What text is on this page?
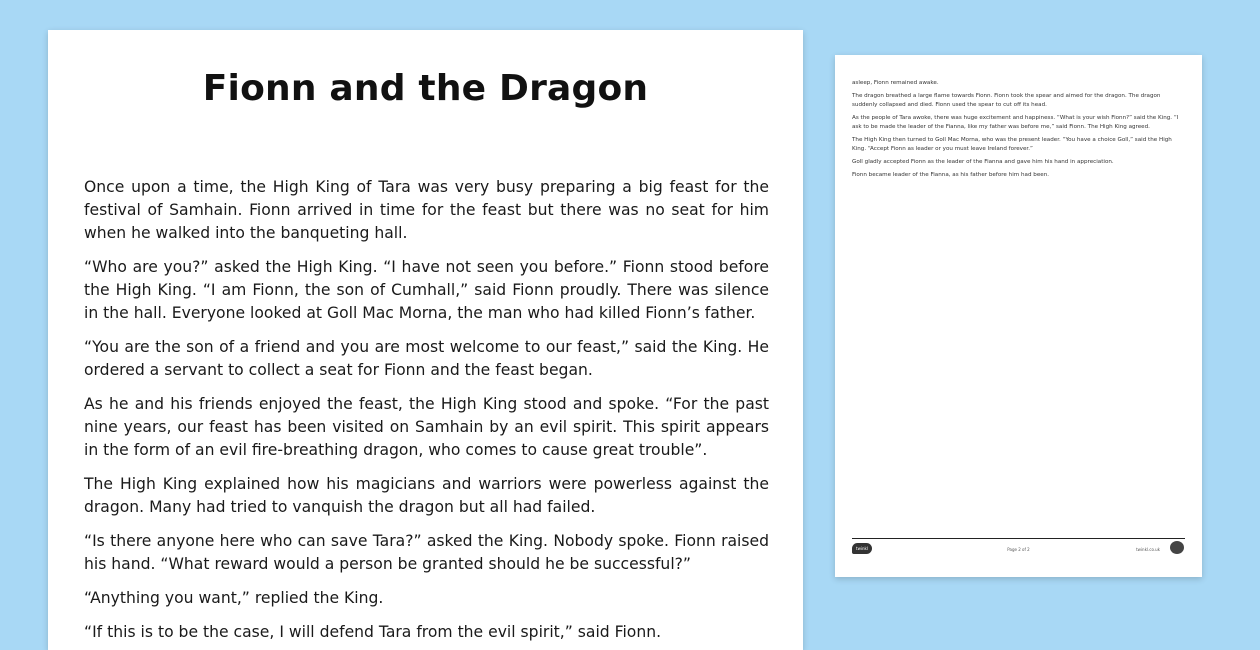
Fionn and the Dragon

Once upon a time, the High King of Tara was very busy preparing a big feast for the festival of Samhain. Fionn arrived in time for the feast but there was no seat for him when he walked into the banqueting hall.

“Who are you?” asked the High King. “I have not seen you before.” Fionn stood before the High King. “I am Fionn, the son of Cumhall,” said Fionn proudly. There was silence in the hall. Everyone looked at Goll Mac Morna, the man who had killed Fionn’s father.

“You are the son of a friend and you are most welcome to our feast,” said the King. He ordered a servant to collect a seat for Fionn and the feast began.

As he and his friends enjoyed the feast, the High King stood and spoke. “For the past nine years, our feast has been visited on Samhain by an evil spirit. This spirit appears in the form of an evil fire-breathing dragon, who comes to cause great trouble”.

The High King explained how his magicians and warriors were powerless against the dragon. Many had tried to vanquish the dragon but all had failed.

“Is there anyone here who can save Tara?” asked the King. Nobody spoke. Fionn raised his hand. “What reward would a person be granted should he be successful?”

“Anything you want,” replied the King.

“If this is to be the case, I will defend Tara from the evil spirit,” said Fionn.

asleep, Fionn remained awake.

The dragon breathed a large flame towards Fionn. Fionn took the spear and aimed for the dragon. The dragon suddenly collapsed and died. Fionn used the spear to cut off its head.

As the people of Tara awoke, there was huge excitement and happiness. “What is your wish Fionn?” said the King. “I ask to be made the leader of the Fianna, like my father was before me,” said Fionn. The High King agreed.

The High King then turned to Goll Mac Morna, who was the present leader. “You have a choice Goll,” said the High King. “Accept Fionn as leader or you must leave Ireland forever.”

Goll gladly accepted Fionn as the leader of the Fianna and gave him his hand in appreciation.

Fionn became leader of the Fianna, as his father before him had been.

twinkl	Page 2 of 2	twinkl.co.uk
